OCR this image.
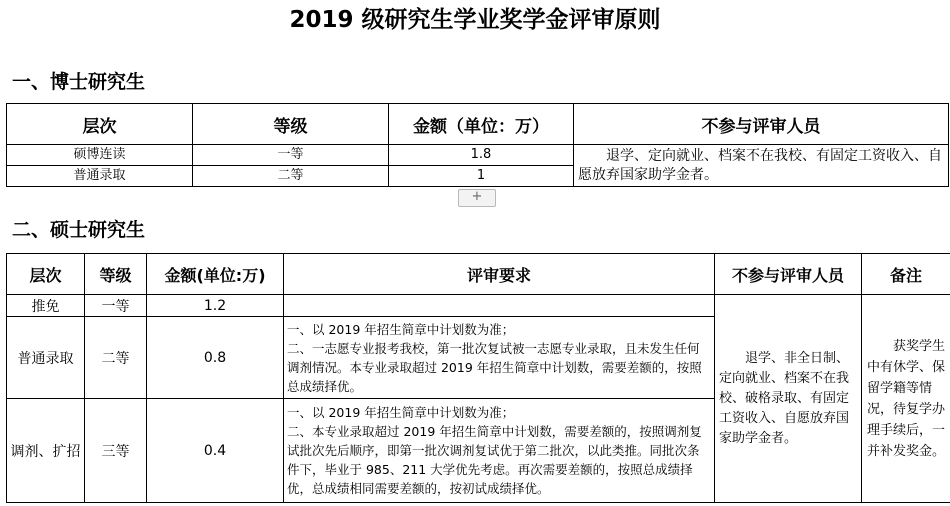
2019 级研究生学业奖学金评审原则
一、博士研究生
层次	等级	金额（单位：万）	不参与评审人员
硕博连读	一等	1.8	退学、定向就业、档案不在我校、有固定工资收入、自愿放弃国家助学金者。
普通录取	二等	1	
+
二、硕士研究生
层次	等级	金额(单位:万)	评审要求	不参与评审人员	备注
推免	一等	1.2		退学、非全日制、定向就业、档案不在我校、破格录取、有固定工资收入、自愿放弃国家助学金者。	获奖学生中有休学、保留学籍等情况，待复学办理手续后，一并补发奖金。
普通录取	二等	0.8	一、以 2019 年招生简章中计划数为准；

二、一志愿专业报考我校，第一批次复试被一志愿专业录取，且未发生任何调剂情况。本专业录取超过 2019 年招生简章中计划数，需要差额的，按照总成绩择优。		

调剂、扩招	三等	0.4	一、以 2019 年招生简章中计划数为准；

二、本专业录取超过 2019 年招生简章中计划数，需要差额的，按照调剂复试批次先后顺序，即第一批次调剂复试优于第二批次，以此类推。同批次条件下，毕业于 985、211 大学优先考虑。再次需要差额的，按照总成绩择优，总成绩相同需要差额的，按初试成绩择优。		
